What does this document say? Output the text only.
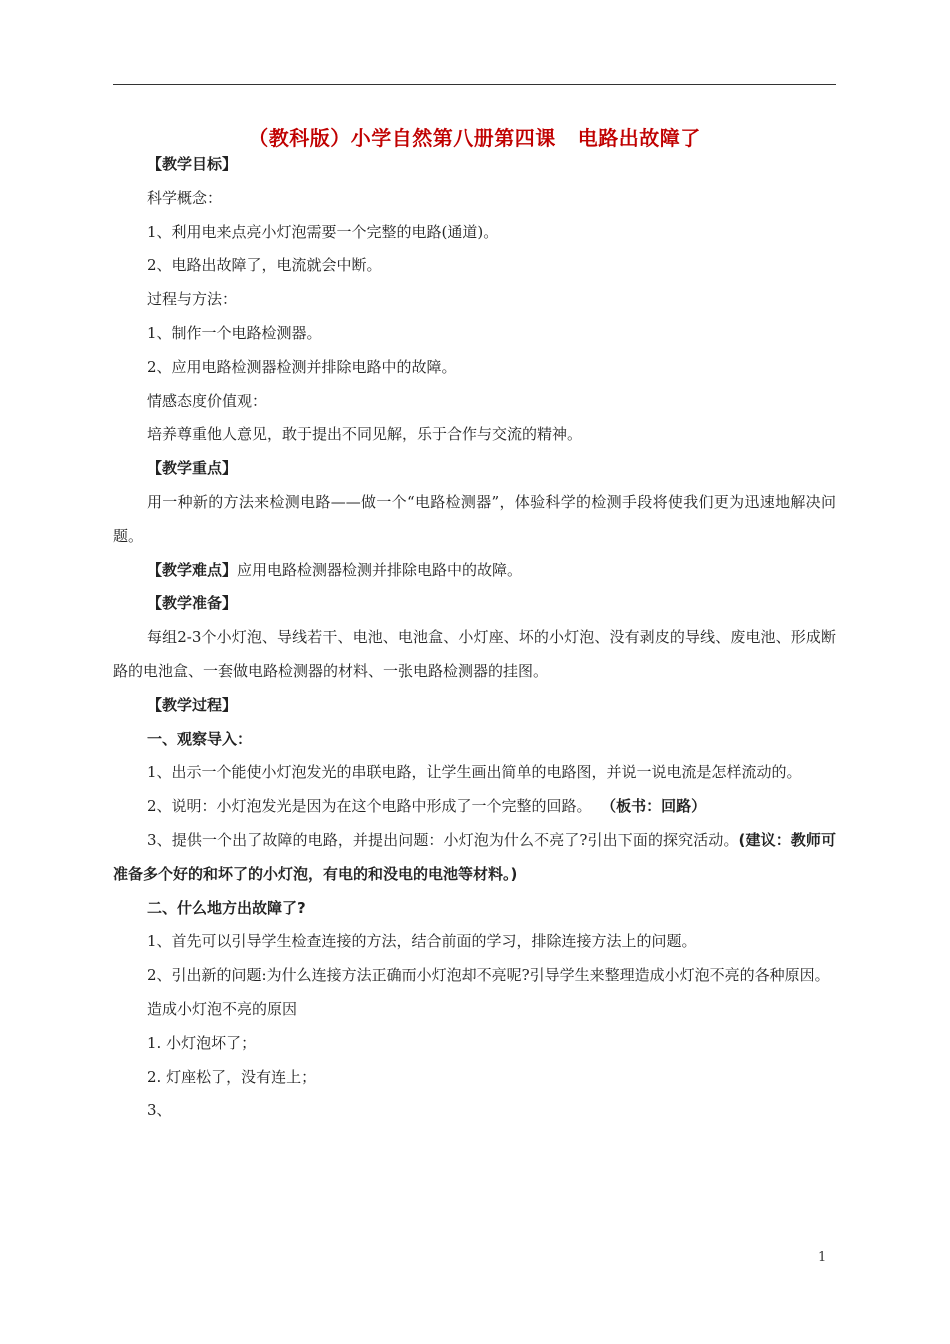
（教科版）小学自然第八册第四课 电路出故障了

【教学目标】

科学概念：

1、利用电来点亮小灯泡需要一个完整的电路(通道)。

2、电路出故障了，电流就会中断。

过程与方法：

1、制作一个电路检测器。

2、应用电路检测器检测并排除电路中的故障。

情感态度价值观：

培养尊重他人意见，敢于提出不同见解，乐于合作与交流的精神。

【教学重点】

用一种新的方法来检测电路——做一个“电路检测器”，体验科学的检测手段将使我们更为迅速地解决问题。

【教学难点】应用电路检测器检测并排除电路中的故障。

【教学准备】

每组2-3个小灯泡、导线若干、电池、电池盒、小灯座、坏的小灯泡、没有剥皮的导线、废电池、形成断路的电池盒、一套做电路检测器的材料、一张电路检测器的挂图。

【教学过程】

一、观察导入：

1、出示一个能使小灯泡发光的串联电路，让学生画出简单的电路图，并说一说电流是怎样流动的。

2、说明：小灯泡发光是因为在这个电路中形成了一个完整的回路。 （板书：回路）

3、提供一个出了故障的电路，并提出问题：小灯泡为什么不亮了?引出下面的探究活动。(建议：教师可准备多个好的和坏了的小灯泡，有电的和没电的电池等材料。)

二、什么地方出故障了?

1、首先可以引导学生检查连接的方法，结合前面的学习，排除连接方法上的问题。

2、引出新的问题:为什么连接方法正确而小灯泡却不亮呢?引导学生来整理造成小灯泡不亮的各种原因。

造成小灯泡不亮的原因

1. 小灯泡坏了；

2. 灯座松了，没有连上；

3、

1
